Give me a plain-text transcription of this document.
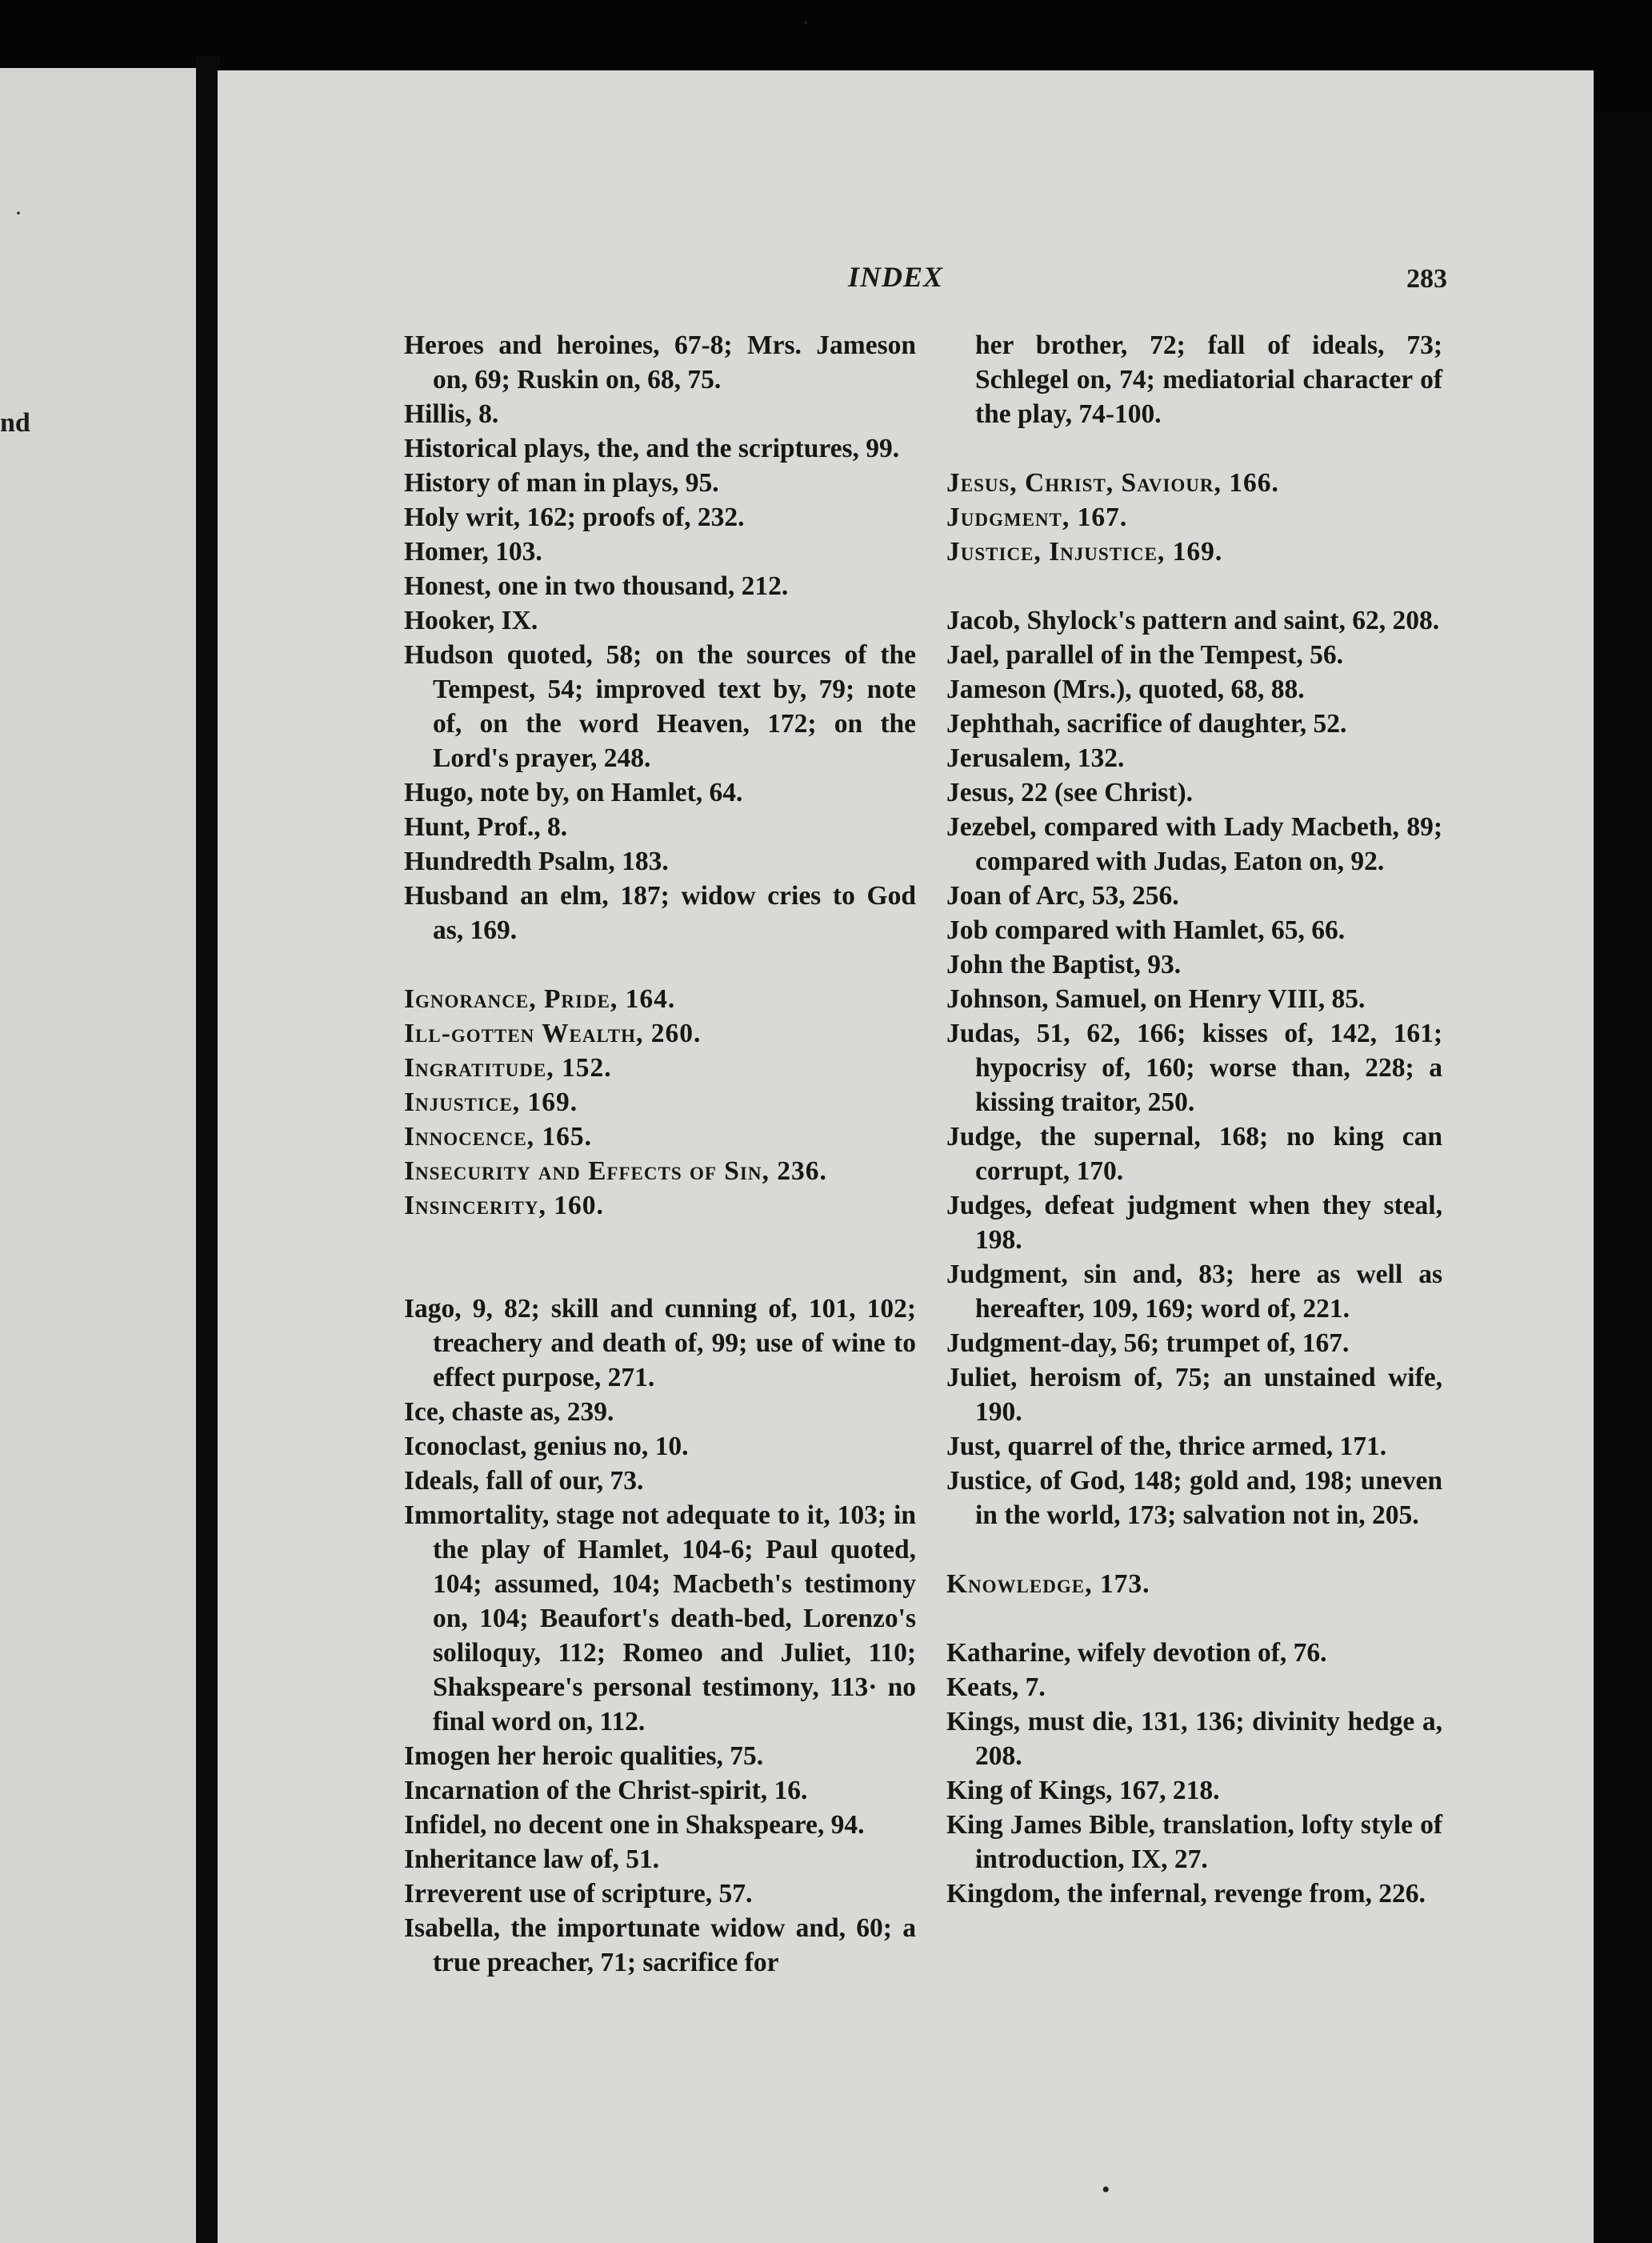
nd
·
·
•
INDEX	283
Heroes and heroines, 67-8; Mrs. Jameson on, 69; Ruskin on, 68, 75.
Hillis, 8.
Historical plays, the, and the scriptures, 99.
History of man in plays, 95.
Holy writ, 162; proofs of, 232.
Homer, 103.
Honest, one in two thousand, 212.
Hooker, IX.
Hudson quoted, 58; on the sources of the Tempest, 54; improved text by, 79; note of, on the word Heaven, 172; on the Lord's prayer, 248.
Hugo, note by, on Hamlet, 64.
Hunt, Prof., 8.
Hundredth Psalm, 183.
Husband an elm, 187; widow cries to God as, 169.
Ignorance, Pride, 164.
Ill-gotten Wealth, 260.
Ingratitude, 152.
Injustice, 169.
Innocence, 165.
Insecurity and Effects of Sin, 236.
Insincerity, 160.
Iago, 9, 82; skill and cunning of, 101, 102; treachery and death of, 99; use of wine to effect purpose, 271.
Ice, chaste as, 239.
Iconoclast, genius no, 10.
Ideals, fall of our, 73.
Immortality, stage not adequate to it, 103; in the play of Hamlet, 104-6; Paul quoted, 104; assumed, 104; Macbeth's testimony on, 104; Beaufort's death-bed, Lorenzo's soliloquy, 112; Romeo and Juliet, 110; Shakspeare's personal testimony, 113· no final word on, 112.
Imogen her heroic qualities, 75.
Incarnation of the Christ-spirit, 16.
Infidel, no decent one in Shakspeare, 94.
Inheritance law of, 51.
Irreverent use of scripture, 57.
Isabella, the importunate widow and, 60; a true preacher, 71; sacrifice for
her brother, 72; fall of ideals, 73; Schlegel on, 74; mediatorial character of the play, 74-100.
Jesus, Christ, Saviour, 166.
Judgment, 167.
Justice, Injustice, 169.
Jacob, Shylock's pattern and saint, 62, 208.
Jael, parallel of in the Tempest, 56.
Jameson (Mrs.), quoted, 68, 88.
Jephthah, sacrifice of daughter, 52.
Jerusalem, 132.
Jesus, 22 (see Christ).
Jezebel, compared with Lady Macbeth, 89; compared with Judas, Eaton on, 92.
Joan of Arc, 53, 256.
Job compared with Hamlet, 65, 66.
John the Baptist, 93.
Johnson, Samuel, on Henry VIII, 85.
Judas, 51, 62, 166; kisses of, 142, 161; hypocrisy of, 160; worse than, 228; a kissing traitor, 250.
Judge, the supernal, 168; no king can corrupt, 170.
Judges, defeat judgment when they steal, 198.
Judgment, sin and, 83; here as well as hereafter, 109, 169; word of, 221.
Judgment-day, 56; trumpet of, 167.
Juliet, heroism of, 75; an unstained wife, 190.
Just, quarrel of the, thrice armed, 171.
Justice, of God, 148; gold and, 198; uneven in the world, 173; salvation not in, 205.
Knowledge, 173.
Katharine, wifely devotion of, 76.
Keats, 7.
Kings, must die, 131, 136; divinity hedge a, 208.
King of Kings, 167, 218.
King James Bible, translation, lofty style of introduction, IX, 27.
Kingdom, the infernal, revenge from, 226.
